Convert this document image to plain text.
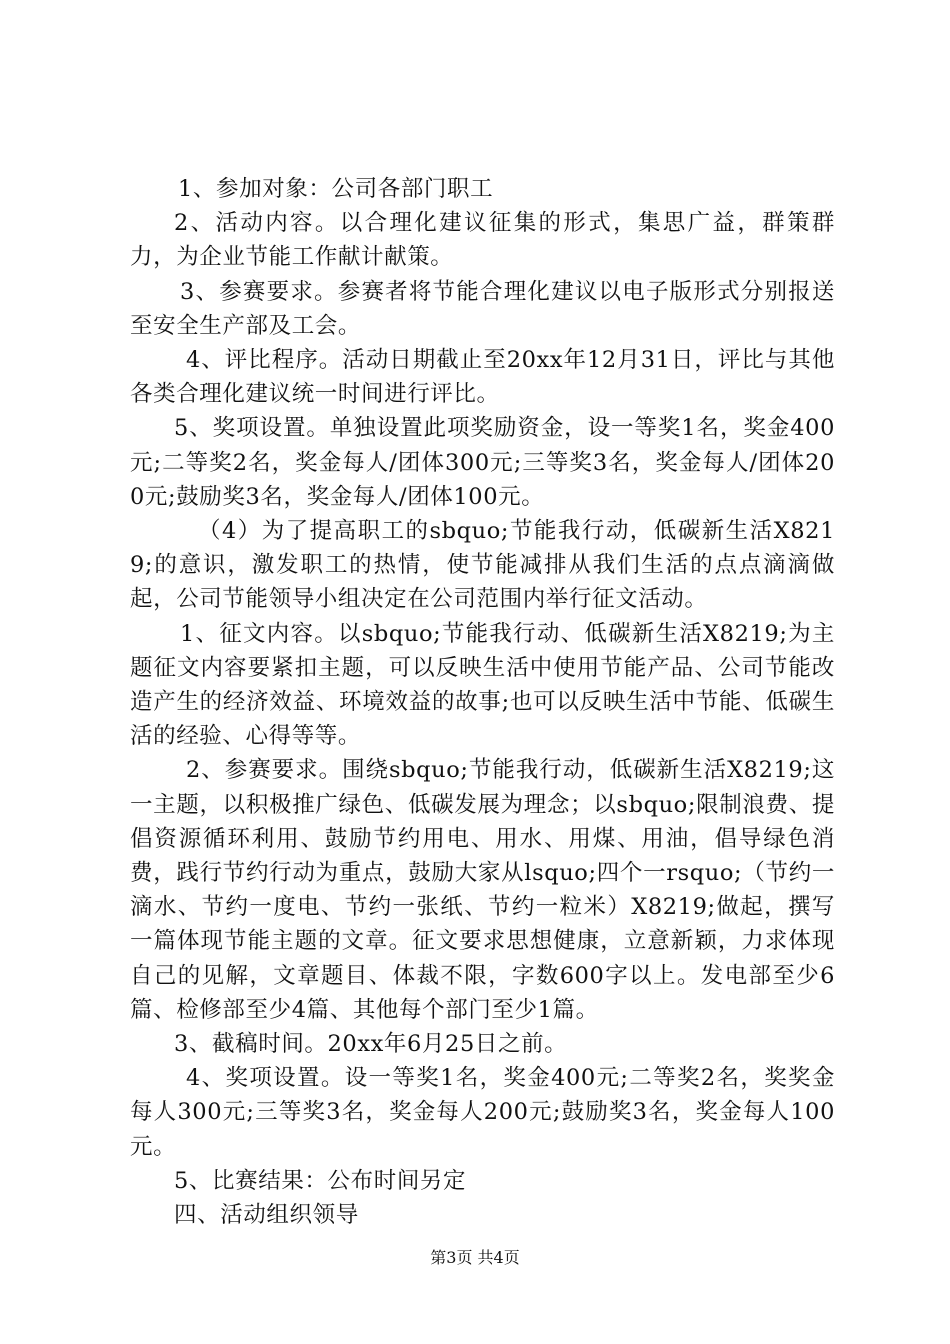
1、参加对象：公司各部门职工

2、活动内容。以合理化建议征集的形式，集思广益，群策群力，为企业节能工作献计献策。

3、参赛要求。参赛者将节能合理化建议以电子版形式分别报送至安全生产部及工会。

4、评比程序。活动日期截止至20xx年12月31日，评比与其他各类合理化建议统一时间进行评比。

5、奖项设置。单独设置此项奖励资金，设一等奖1名，奖金400元;二等奖2名，奖金每人/团体300元;三等奖3名，奖金每人/团体200元;鼓励奖3名，奖金每人/团体100元。

（4）为了提高职工的sbquo;节能我行动，低碳新生活X8219;的意识，激发职工的热情，使节能减排从我们生活的点点滴滴做起，公司节能领导小组决定在公司范围内举行征文活动。

1、征文内容。以sbquo;节能我行动、低碳新生活X8219;为主题征文内容要紧扣主题，可以反映生活中使用节能产品、公司节能改造产生的经济效益、环境效益的故事;也可以反映生活中节能、低碳生活的经验、心得等等。

2、参赛要求。围绕sbquo;节能我行动，低碳新生活X8219;这一主题，以积极推广绿色、低碳发展为理念；以sbquo;限制浪费、提倡资源循环利用、鼓励节约用电、用水、用煤、用油，倡导绿色消费，践行节约行动为重点，鼓励大家从lsquo;四个一rsquo;（节约一滴水、节约一度电、节约一张纸、节约一粒米）X8219;做起，撰写一篇体现节能主题的文章。征文要求思想健康，立意新颖，力求体现自己的见解，文章题目、体裁不限，字数600字以上。发电部至少6篇、检修部至少4篇、其他每个部门至少1篇。

3、截稿时间。20xx年6月25日之前。

4、奖项设置。设一等奖1名，奖金400元;二等奖2名，奖奖金每人300元;三等奖3名，奖金每人200元;鼓励奖3名，奖金每人100元。

5、比赛结果：公布时间另定

四、活动组织领导

第3页 共4页
